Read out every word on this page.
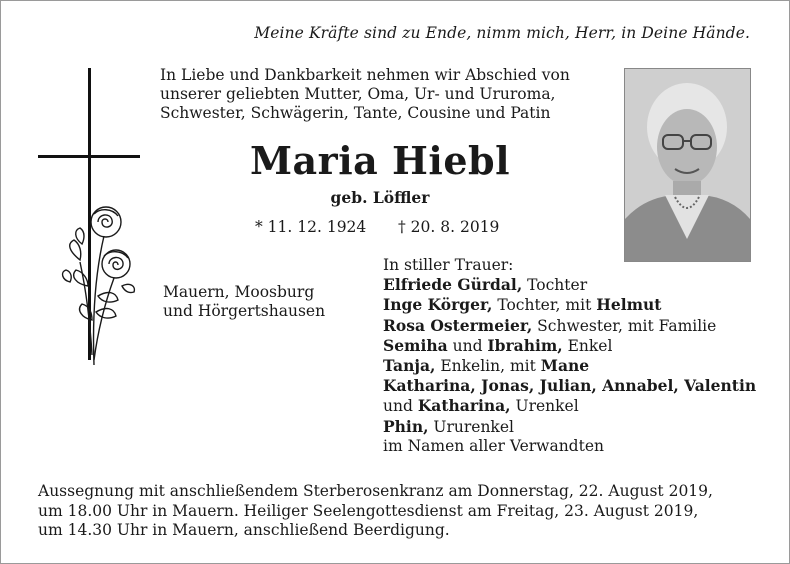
Meine Kräfte sind zu Ende, nimm mich, Herr, in Deine Hände.
In Liebe und Dankbarkeit nehmen wir Abschied von
unserer geliebten Mutter, Oma, Ur- und Ururoma,
Schwester, Schwägerin, Tante, Cousine und Patin
Maria Hiebl
geb. Löffler
* 11. 12. 1924 † 20. 8. 2019
Mauern, Moosburg
und Hörgertshausen
In stiller Trauer:
Elfriede Gürdal, Tochter
Inge Körger, Tochter, mit Helmut
Rosa Ostermeier, Schwester, mit Familie
Semiha und Ibrahim, Enkel
Tanja, Enkelin, mit Mane
Katharina, Jonas, Julian, Annabel, Valentin
und Katharina, Urenkel
Phin, Ururenkel
im Namen aller Verwandten
Aussegnung mit anschließendem Sterberosenkranz am Donnerstag, 22. August 2019,
um 18.00 Uhr in Mauern. Heiliger Seelengottesdienst am Freitag, 23. August 2019,
um 14.30 Uhr in Mauern, anschließend Beerdigung.
